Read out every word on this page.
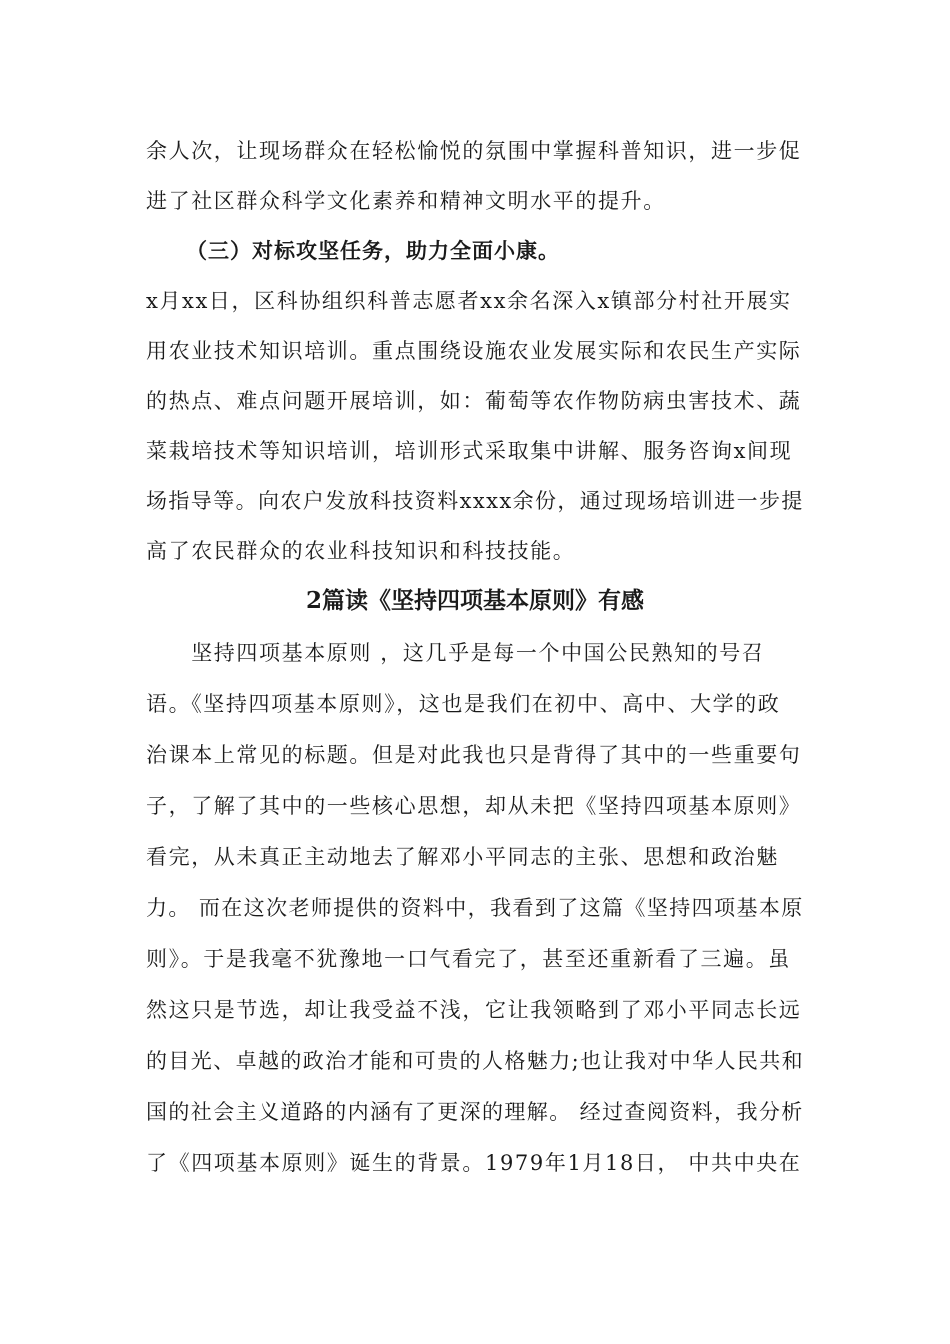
余人次，让现场群众在轻松愉悦的氛围中掌握科普知识，进一步促
进了社区群众科学文化素养和精神文明水平的提升。
（三）对标攻坚任务，助力全面小康。
x月xx日，区科协组织科普志愿者xx余名深入x镇部分村社开展实
用农业技术知识培训。重点围绕设施农业发展实际和农民生产实际
的热点、难点问题开展培训，如：葡萄等农作物防病虫害技术、蔬
菜栽培技术等知识培训，培训形式采取集中讲解、服务咨询x间现
场指导等。向农户发放科技资料xxxx余份，通过现场培训进一步提
高了农民群众的农业科技知识和科技技能。
2篇读《坚持四项基本原则》有感
　　坚持四项基本原则 ，这几乎是每一个中国公民熟知的号召
语。《坚持四项基本原则》，这也是我们在初中、高中、大学的政
治课本上常见的标题。但是对此我也只是背得了其中的一些重要句
子，了解了其中的一些核心思想，却从未把《坚持四项基本原则》
看完，从未真正主动地去了解邓小平同志的主张、思想和政治魅
力。 而在这次老师提供的资料中，我看到了这篇《坚持四项基本原
则》。于是我毫不犹豫地一口气看完了，甚至还重新看了三遍。虽
然这只是节选，却让我受益不浅，它让我领略到了邓小平同志长远
的目光、卓越的政治才能和可贵的人格魅力;也让我对中华人民共和
国的社会主义道路的内涵有了更深的理解。 经过查阅资料，我分析
了《四项基本原则》诞生的背景。1979年1月18日， 中共中央在
